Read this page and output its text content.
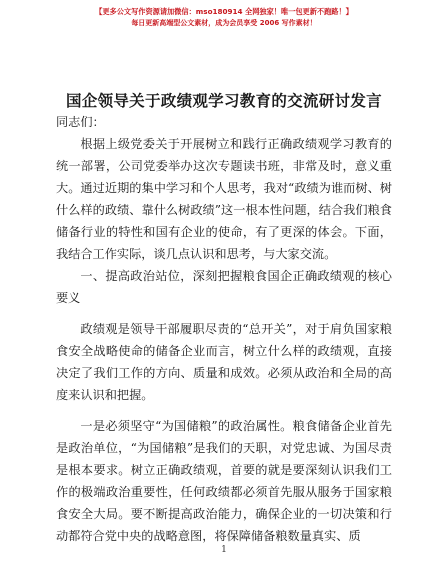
【更多公文写作资源请加微信：mso180914 全网独家！唯一包更新不跑路！】
每日更新高端型公文素材，成为会员享受 2006 写作素材！
国企领导关于政绩观学习教育的交流研讨发言

同志们：

根据上级党委关于开展树立和践行正确政绩观学习教育的统一部署，公司党委举办这次专题读书班，非常及时，意义重大。通过近期的集中学习和个人思考，我对“政绩为谁而树、树什么样的政绩、靠什么树政绩”这一根本性问题，结合我们粮食储备行业的特性和国有企业的使命，有了更深的体会。下面，我结合工作实际，谈几点认识和思考，与大家交流。

一、提高政治站位，深刻把握粮食国企正确政绩观的核心要义

政绩观是领导干部履职尽责的“总开关”，对于肩负国家粮食安全战略使命的储备企业而言，树立什么样的政绩观，直接决定了我们工作的方向、质量和成效。必须从政治和全局的高度来认识和把握。

一是必须坚守“为国储粮”的政治属性。粮食储备企业首先是政治单位，“为国储粮”是我们的天职，对党忠诚、为国尽责是根本要求。树立正确政绩观，首要的就是要深刻认识我们工作的极端政治重要性，任何政绩都必须首先服从服务于国家粮食安全大局。要不断提高政治能力，确保企业的一切决策和行动都符合党中央的战略意图，将保障储备粮数量真实、质

1
